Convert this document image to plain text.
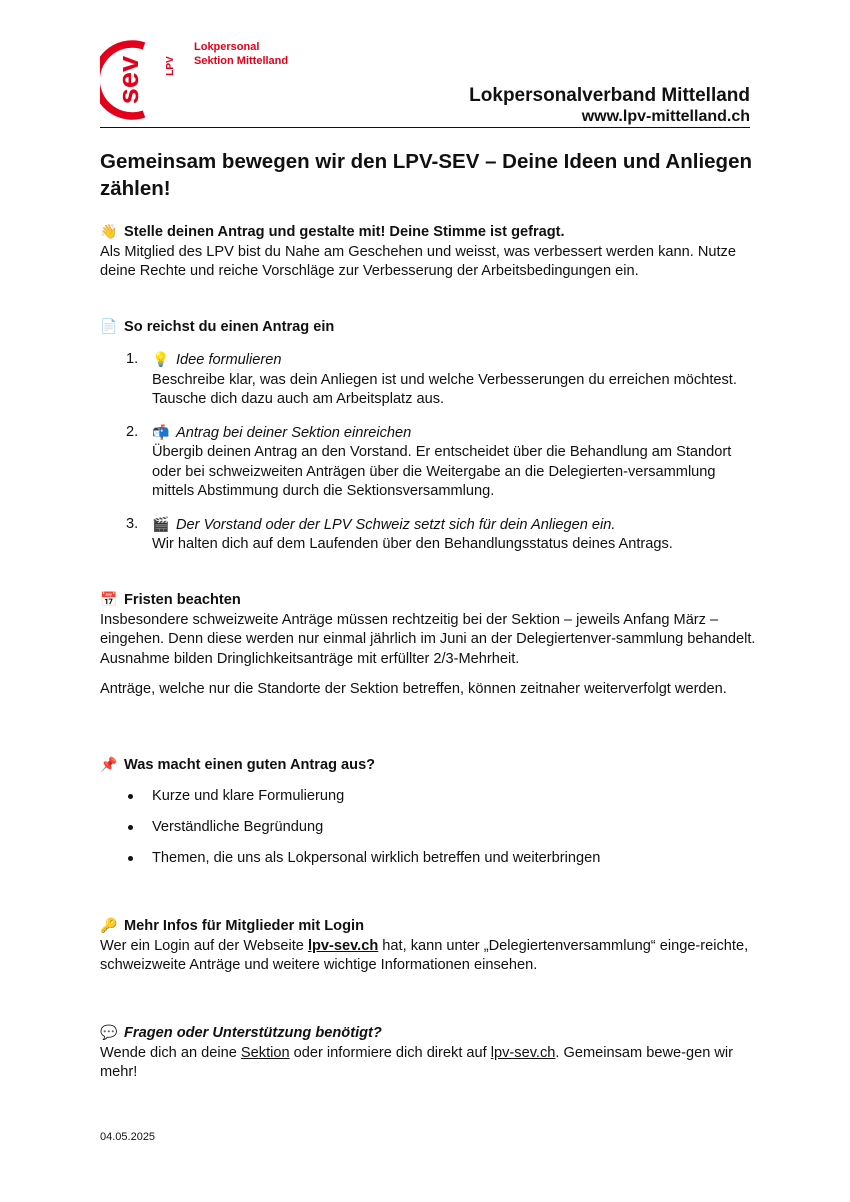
sev LPV
Lokpersonal
Sektion Mittelland
Lokpersonalverband Mittelland
www.lpv-mittelland.ch
Gemeinsam bewegen wir den LPV-SEV – Deine Ideen und Anliegen zählen!
👋 Stelle deinen Antrag und gestalte mit! Deine Stimme ist gefragt.
Als Mitglied des LPV bist du Nahe am Geschehen und weisst, was verbessert werden kann. Nutze deine Rechte und reiche Vorschläge zur Verbesserung der Arbeitsbedingungen ein.
📄 So reichst du einen Antrag ein
1. 💡 Idee formulieren
Beschreibe klar, was dein Anliegen ist und welche Verbesserungen du erreichen möchtest. Tausche dich dazu auch am Arbeitsplatz aus.
2. 📬 Antrag bei deiner Sektion einreichen
Übergib deinen Antrag an den Vorstand. Er entscheidet über die Behandlung am Standort oder bei schweizweiten Anträgen über die Weitergabe an die Delegierten-versammlung mittels Abstimmung durch die Sektionsversammlung.
3. 🎬 Der Vorstand oder der LPV Schweiz setzt sich für dein Anliegen ein.
Wir halten dich auf dem Laufenden über den Behandlungsstatus deines Antrags.
📅 Fristen beachten
Insbesondere schweizweite Anträge müssen rechtzeitig bei der Sektion – jeweils Anfang März – eingehen. Denn diese werden nur einmal jährlich im Juni an der Delegiertenver-sammlung behandelt. Ausnahme bilden Dringlichkeitsanträge mit erfüllter 2/3-Mehrheit.
Anträge, welche nur die Standorte der Sektion betreffen, können zeitnaher weiterverfolgt werden.
📌 Was macht einen guten Antrag aus?
Kurze und klare Formulierung
Verständliche Begründung
Themen, die uns als Lokpersonal wirklich betreffen und weiterbringen
🔑 Mehr Infos für Mitglieder mit Login
Wer ein Login auf der Webseite lpv-sev.ch hat, kann unter „Delegiertenversammlung“ einge-reichte, schweizweite Anträge und weitere wichtige Informationen einsehen.
💬 Fragen oder Unterstützung benötigt?
Wende dich an deine Sektion oder informiere dich direkt auf lpv-sev.ch. Gemeinsam bewe-gen wir mehr!
04.05.2025
